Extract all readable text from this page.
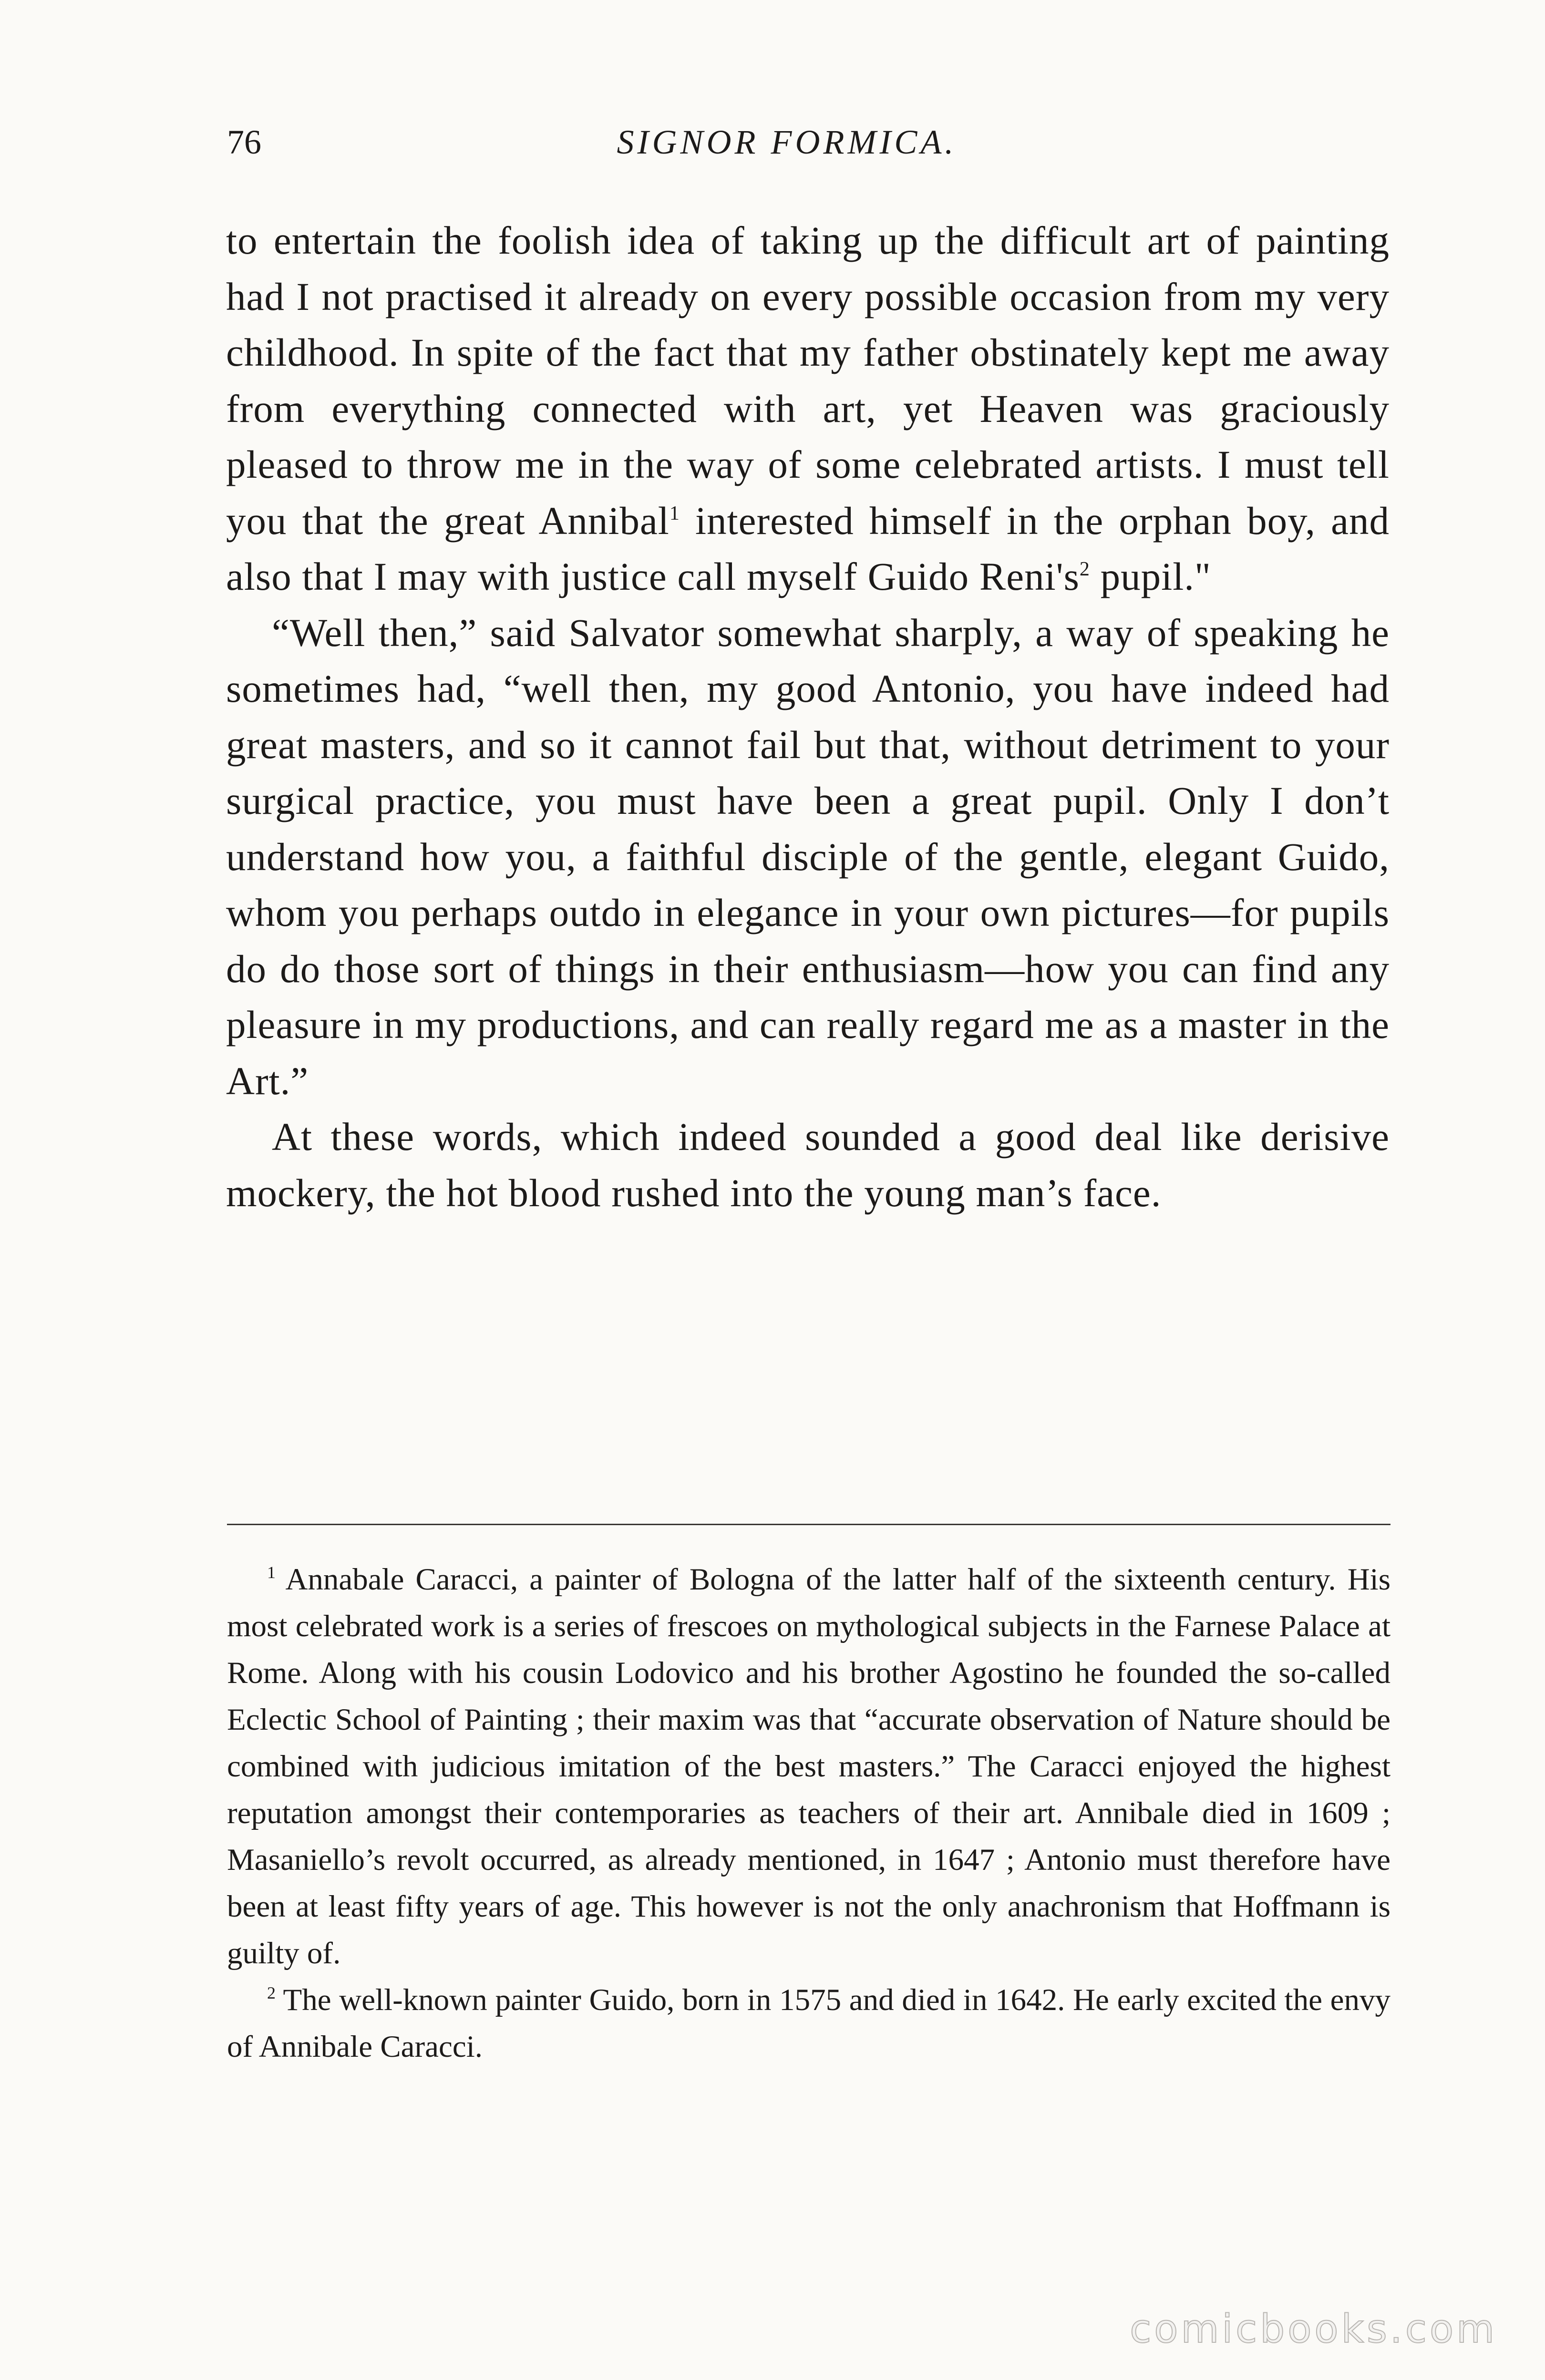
76	SIGNOR FORMICA.

to entertain the foolish idea of taking up the difficult art of painting had I not practised it already on every possible occasion from my very childhood. In spite of the fact that my father obstinately kept me away from everything connected with art, yet Heaven was graciously pleased to throw me in the way of some celebrated artists. I must tell you that the great Annibal$^1$ interested himself in the orphan boy, and also that I may with justice call myself Guido $Reni's^2$ pupil."

“Well then,” said Salvator somewhat sharply, a way of speaking he sometimes had, “well then, my good Antonio, you have indeed had great masters, and so it cannot fail but that, without detriment to your surgical practice, you must have been a great pupil. Only I don’t understand how you, a faithful disciple of the gentle, elegant Guido, whom you perhaps outdo in elegance in your own pictures—for pupils do do those sort of things in their enthusiasm—how you can find any pleasure in my productions, and can really regard me as a master in the Art.”

At these words, which indeed sounded a good deal like derisive mockery, the hot blood rushed into the young man’s face.

$^1$ Annabale Caracci, a painter of Bologna of the latter half of the sixteenth century. His most celebrated work is a series of frescoes on mythological subjects in the Farnese Palace at Rome. Along with his cousin Lodovico and his brother Agostino he founded the so-called Eclectic School of Painting ; their maxim was that “accurate observation of Nature should be combined with judicious imitation of the best masters.” The Caracci enjoyed the highest reputation amongst their contemporaries as teachers of their art. Annibale died in 1609 ; Masaniello’s revolt occurred, as already mentioned, in 1647 ; Antonio must therefore have been at least fifty years of age. This however is not the only anachronism that Hoffmann is guilty of.

$^2$ The well-known painter Guido, born in 1575 and died in 1642. He early excited the envy of Annibale Caracci.

comicbooks.com
